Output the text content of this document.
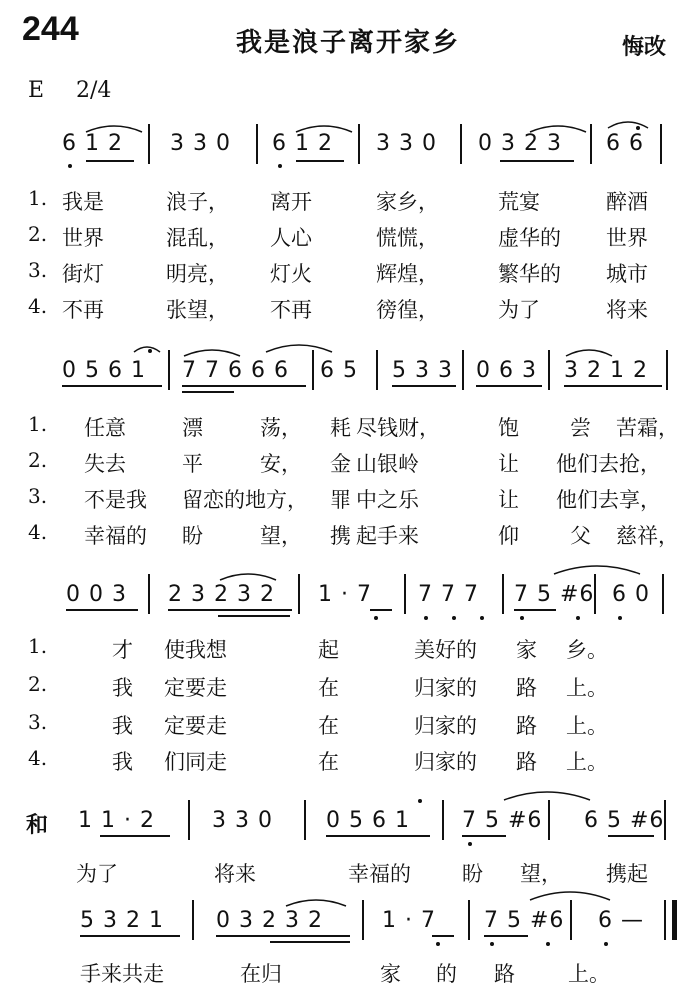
244	我是浪子离开家乡	悔改
E 2/4
6 1 2 3 3 0 6 1 2 3 3 0 0 3 2 3 6 6
1. 我是	浪子， 离开	家乡，	荒宴	醉酒
2. 世界	混乱， 人心	慌慌，	虚华的 世界
3. 街灯	明亮， 灯火	辉煌，	繁华的 城市
4. 不再	张望， 不再	徬徨，	为了	将来
0 5 6 1 7 7 6 6 6 6 5 5 3 3 0 6 3 3 2 1 2
1. 任意	漂	荡， 耗 尽钱财，	饱 尝 苦霜，
2. 失去	平	安， 金 山银岭	让 他们去抢，
3. 不是我 留恋的地方， 罪 中之乐	让 他们去享，
4. 幸福的 盼	望， 携 起手来	仰 父 慈祥，
0 0 3 2 3 2 3 2 1 · 7 7 7 7 7 5 #6 6 0
1.	才 使我想	起	美好的 家 乡。
2.	我 定要走	在	归家的 路 上。
3.	我 定要走	在	归家的 路 上。
4.	我 们同走	在	归家的 路 上。
和 1 1 · 2	3 3 0 0 5 6 1 7 5 #6 6 5 #6
为了	将来	幸福的 盼 望， 携起
5 3 2 1 0 3 2 3 2	1 · 7 7 5 #6 6 —
手来共走	在归	家 的 路	上。
